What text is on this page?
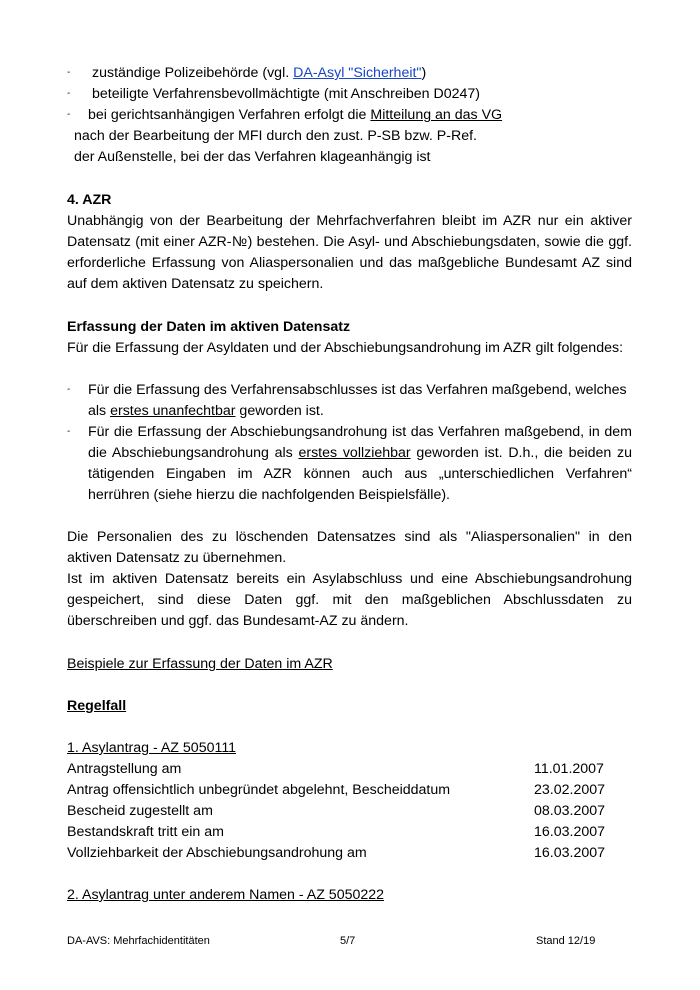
- zuständige Polizeibehörde (vgl. DA-Asyl "Sicherheit")
- beteiligte Verfahrensbevollmächtigte (mit Anschreiben D0247)
- bei gerichtsanhängigen Verfahren erfolgt die Mitteilung an das VG
nach der Bearbeitung der MFI durch den zust. P-SB bzw. P-Ref.
der Außenstelle, bei der das Verfahren klageanhängig ist
4. AZR
Unabhängig von der Bearbeitung der Mehrfachverfahren bleibt im AZR nur ein aktiver
Datensatz (mit einer AZR-№) bestehen. Die Asyl- und Abschiebungsdaten, sowie die ggf.
erforderliche Erfassung von Aliaspersonalien und das maßgebliche Bundesamt AZ sind
auf dem aktiven Datensatz zu speichern.
Erfassung der Daten im aktiven Datensatz
Für die Erfassung der Asyldaten und der Abschiebungsandrohung im AZR gilt folgendes:
- Für die Erfassung des Verfahrensabschlusses ist das Verfahren maßgebend, welches
als erstes unanfechtbar geworden ist.
- Für die Erfassung der Abschiebungsandrohung ist das Verfahren maßgebend, in dem
die Abschiebungsandrohung als erstes vollziehbar geworden ist. D.h., die beiden zu
tätigenden Eingaben im AZR können auch aus „unterschiedlichen Verfahren“
herrühren (siehe hierzu die nachfolgenden Beispielsfälle).
Die Personalien des zu löschenden Datensatzes sind als "Aliaspersonalien" in den
aktiven Datensatz zu übernehmen.
Ist im aktiven Datensatz bereits ein Asylabschluss und eine Abschiebungsandrohung
gespeichert, sind diese Daten ggf. mit den maßgeblichen Abschlussdaten zu
überschreiben und ggf. das Bundesamt-AZ zu ändern.
Beispiele zur Erfassung der Daten im AZR
Regelfall
1. Asylantrag - AZ 5050111
Antragstellung am	11.01.2007
Antrag offensichtlich unbegründet abgelehnt, Bescheiddatum	23.02.2007
Bescheid zugestellt am	08.03.2007
Bestandskraft tritt ein am	16.03.2007
Vollziehbarkeit der Abschiebungsandrohung am	16.03.2007
2. Asylantrag unter anderem Namen - AZ 5050222
DA-AVS: Mehrfachidentitäten	5/7	Stand 12/19
